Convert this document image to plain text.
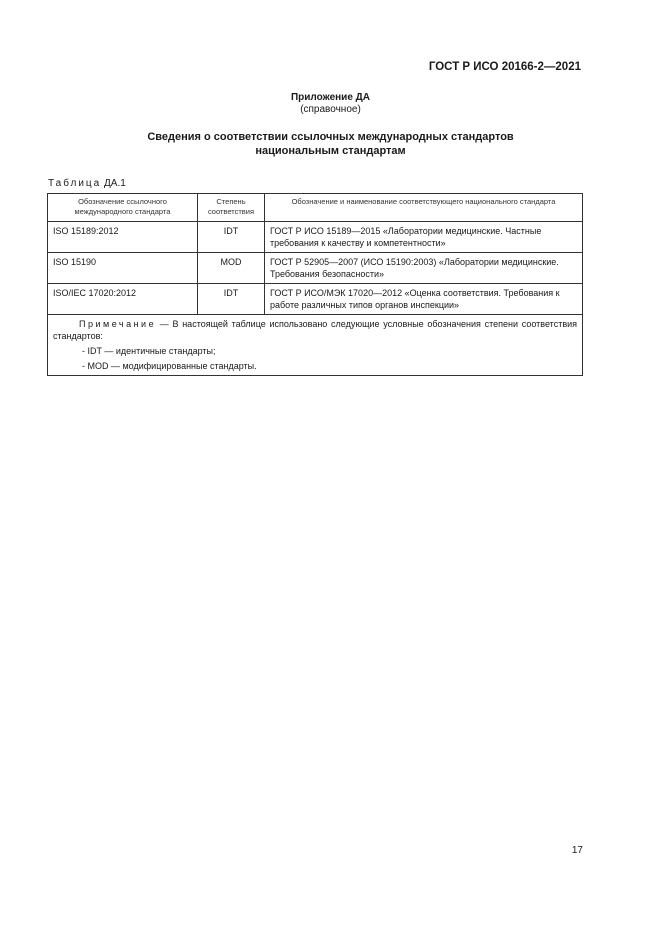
ГОСТ Р ИСО 20166-2—2021
Приложение ДА
(справочное)
Сведения о соответствии ссылочных международных стандартов
национальным стандартам
Таблица ДА.1
Обозначение ссылочного международного стандарта	Степень соответствия	Обозначение и наименование соответствующего национального стандарта
ISO 15189:2012	IDT	ГОСТ Р ИСО 15189—2015 «Лаборатории медицинские. Частные требования к качеству и компетентности»
ISO 15190	MOD	ГОСТ Р 52905—2007 (ИСО 15190:2003) «Лаборатории медицинские. Требования безопасности»
ISO/IEC 17020:2012	IDT	ГОСТ Р ИСО/МЭК 17020—2012 «Оценка соответствия. Требования к работе различных типов органов инспекции»

Примечание — В настоящей таблице использовано следующие условные обозначения степени соответствия стандартов:
- IDT — идентичные стандарты;
- MOD — модифицированные стандарты.		
17
